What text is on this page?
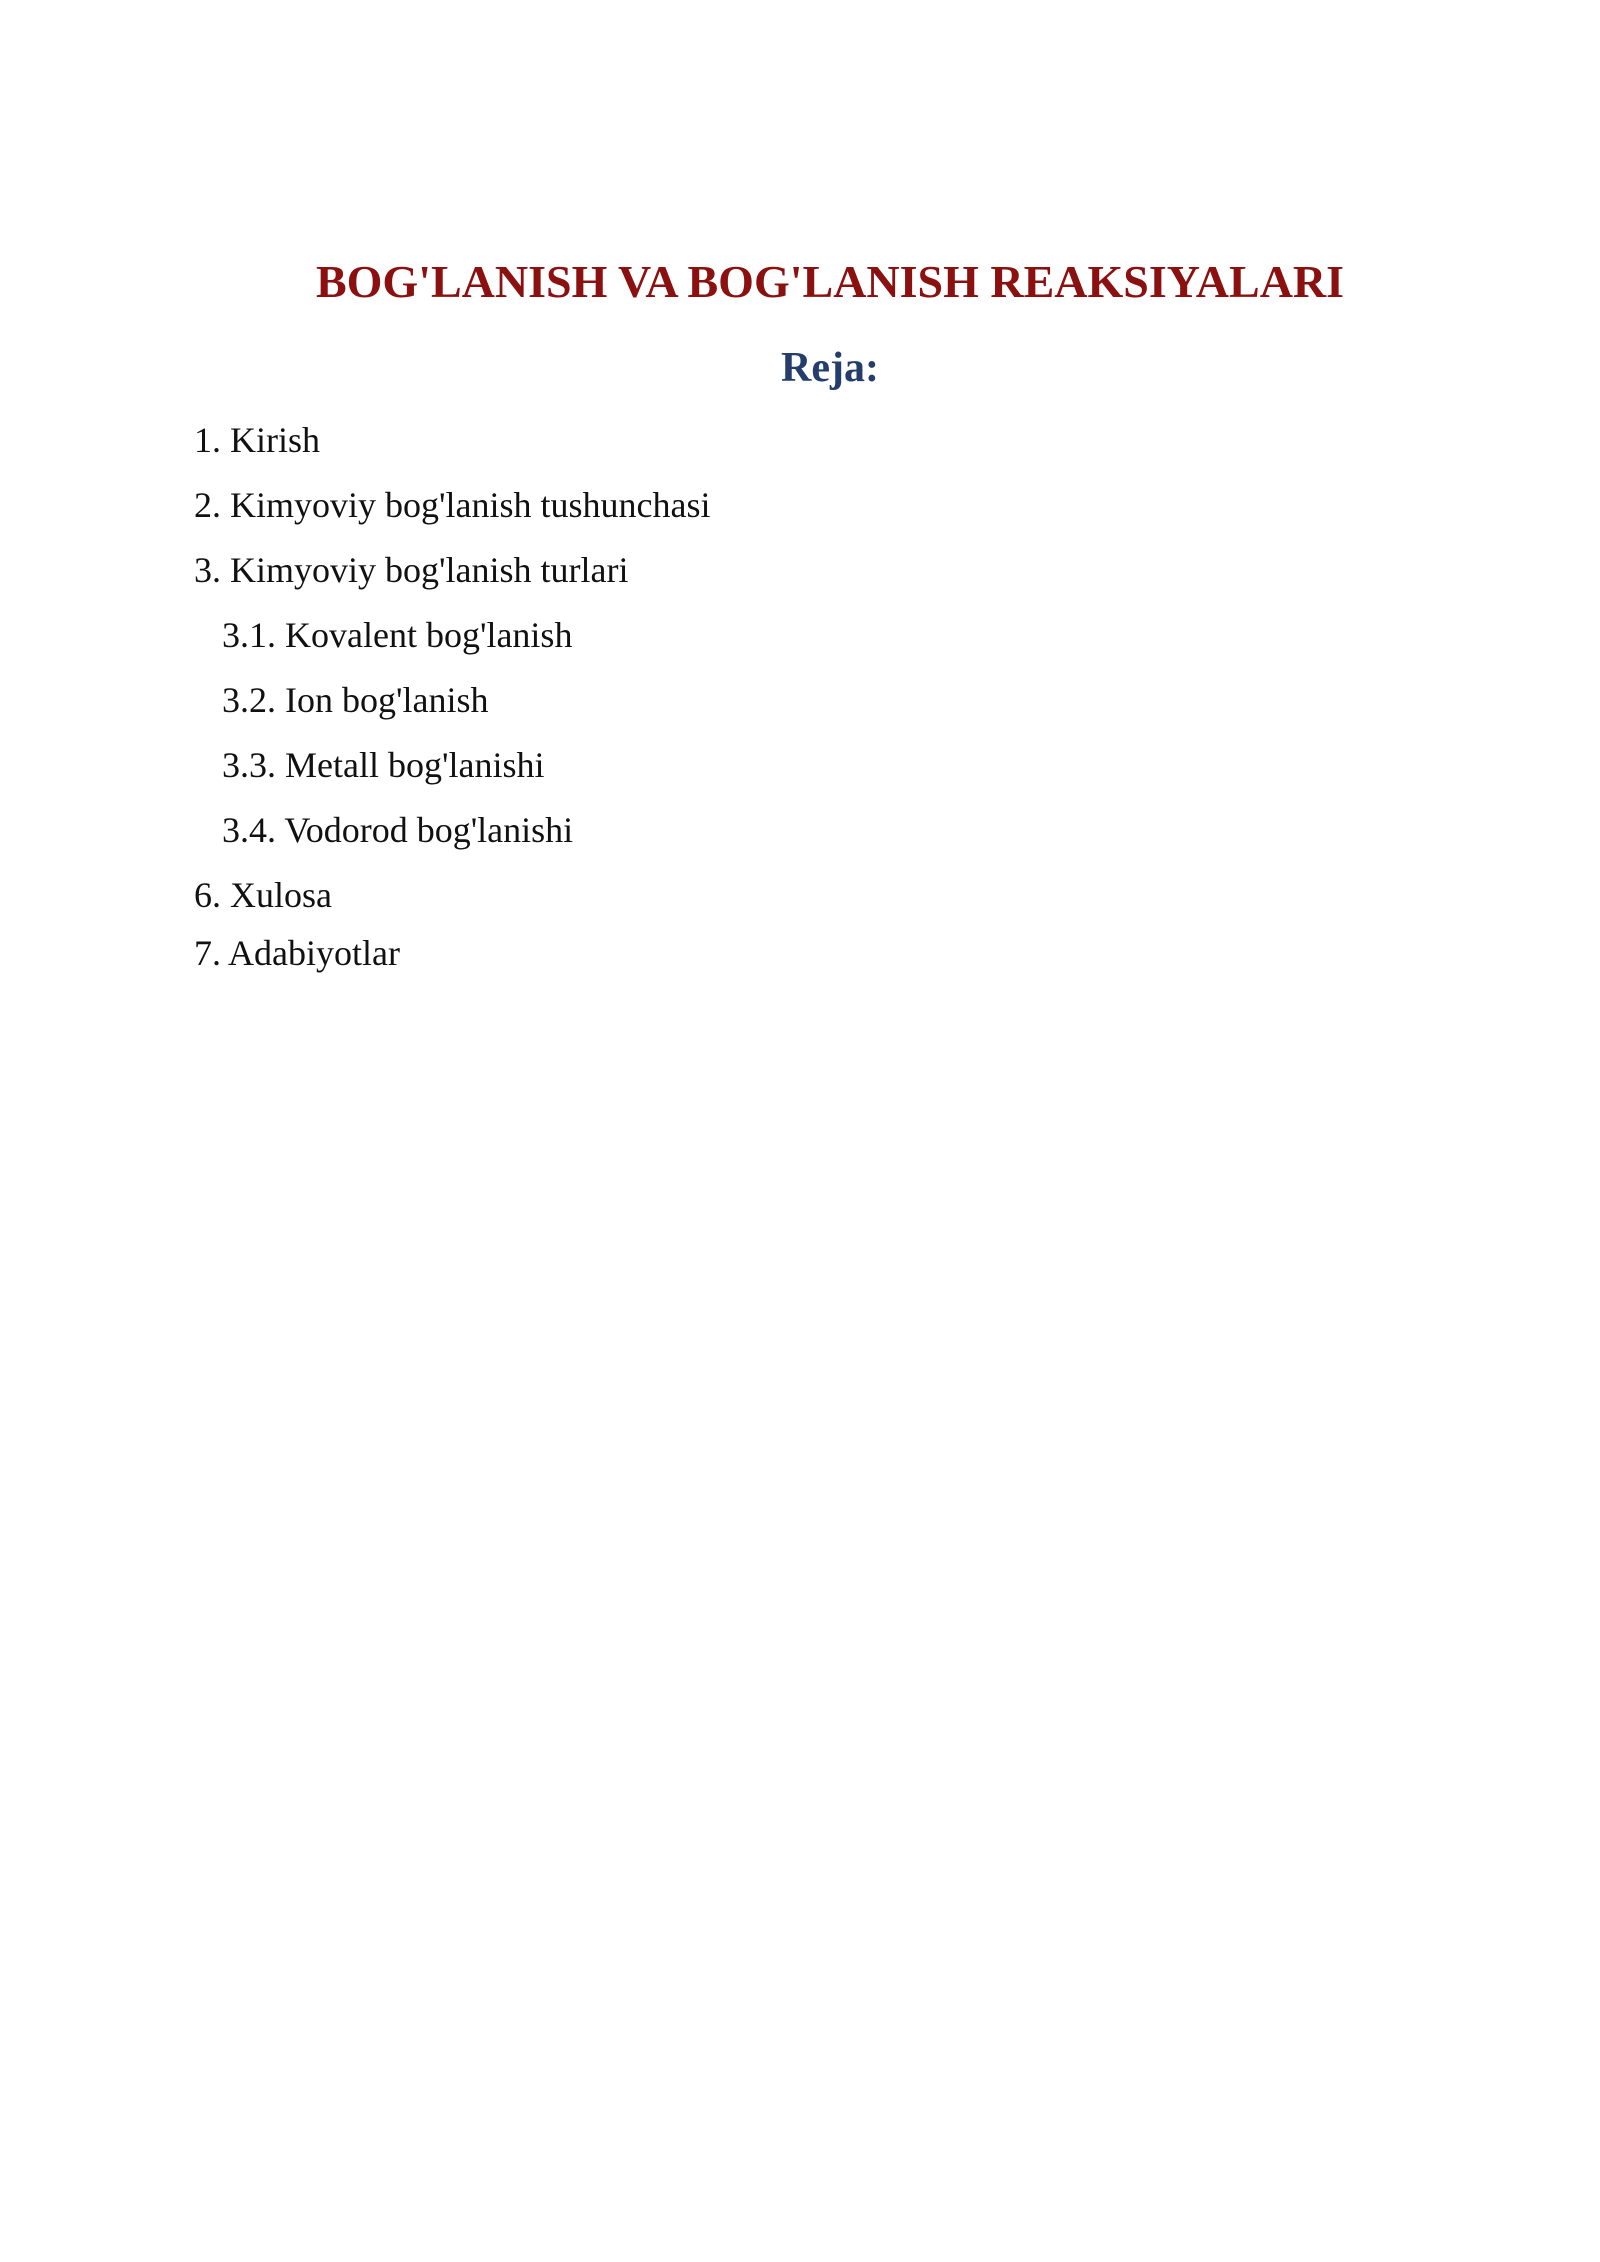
BOG'LANISH VA BOG'LANISH REAKSIYALARI
Reja:

1. Kirish

2. Kimyoviy bog'lanish tushunchasi

3. Kimyoviy bog'lanish turlari

3.1. Kovalent bog'lanish

3.2. Ion bog'lanish

3.3. Metall bog'lanishi

3.4. Vodorod bog'lanishi

6. Xulosa

7. Adabiyotlar
